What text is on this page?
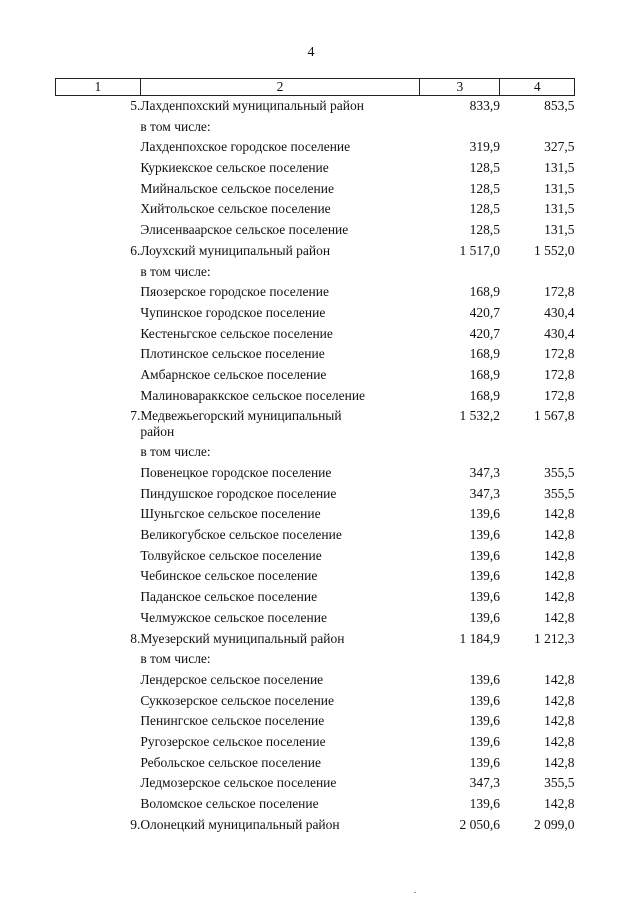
4
1	2	3	4
5.	Лахденпохский муниципальный район	833,9	853,5
	в том числе:		
	Лахденпохское городское поселение	319,9	327,5
	Куркиекское сельское поселение	128,5	131,5
	Мийнальское сельское поселение	128,5	131,5
	Хийтольское сельское поселение	128,5	131,5
	Элисенваарское сельское поселение	128,5	131,5
6.	Лоухский муниципальный район	1 517,0	1 552,0
	в том числе:		
	Пяозерское городское поселение	168,9	172,8
	Чупинское городское поселение	420,7	430,4
	Кестеньгское сельское поселение	420,7	430,4
	Плотинское сельское поселение	168,9	172,8
	Амбарнское сельское поселение	168,9	172,8
	Малиновараккское сельское поселение	168,9	172,8
7.	Медвежьегорский муниципальный
район	1 532,2	1 567,8
	в том числе:		
	Повенецкое городское поселение	347,3	355,5
	Пиндушское городское поселение	347,3	355,5
	Шуньгское сельское поселение	139,6	142,8
	Великогубское сельское поселение	139,6	142,8
	Толвуйское сельское поселение	139,6	142,8
	Чебинское сельское поселение	139,6	142,8
	Паданское сельское поселение	139,6	142,8
	Челмужское сельское поселение	139,6	142,8
8.	Муезерский муниципальный район	1 184,9	1 212,3
	в том числе:		
	Лендерское сельское поселение	139,6	142,8
	Суккозерское сельское поселение	139,6	142,8
	Пенингское сельское поселение	139,6	142,8
	Ругозерское сельское поселение	139,6	142,8
	Ребольское сельское поселение	139,6	142,8
	Ледмозерское сельское поселение	347,3	355,5
	Воломское сельское поселение	139,6	142,8
9.	Олонецкий муниципальный район	2 050,6	2 099,0
